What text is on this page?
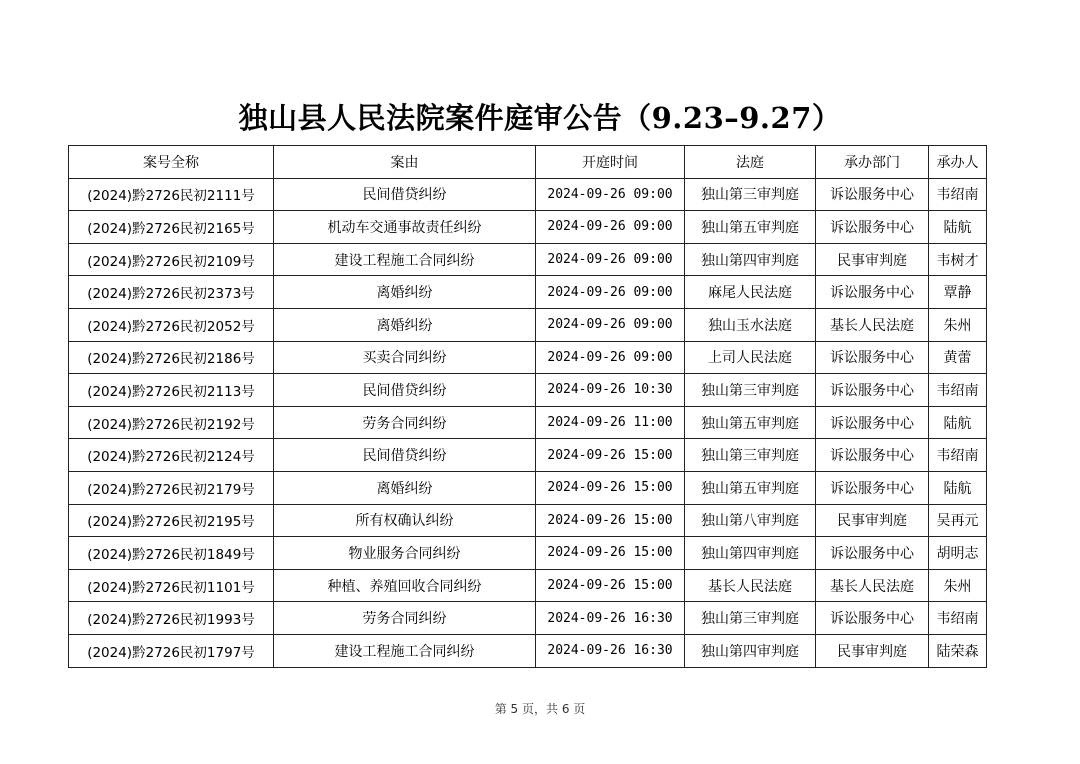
独山县人民法院案件庭审公告（9.23–9.27）
案号全称	案由	开庭时间	法庭	承办部门	承办人
(2024)黔2726民初2111号	民间借贷纠纷	2024-09-26 09:00	独山第三审判庭	诉讼服务中心	韦绍南
(2024)黔2726民初2165号	机动车交通事故责任纠纷	2024-09-26 09:00	独山第五审判庭	诉讼服务中心	陆航
(2024)黔2726民初2109号	建设工程施工合同纠纷	2024-09-26 09:00	独山第四审判庭	民事审判庭	韦树才
(2024)黔2726民初2373号	离婚纠纷	2024-09-26 09:00	麻尾人民法庭	诉讼服务中心	覃静
(2024)黔2726民初2052号	离婚纠纷	2024-09-26 09:00	独山玉水法庭	基长人民法庭	朱州
(2024)黔2726民初2186号	买卖合同纠纷	2024-09-26 09:00	上司人民法庭	诉讼服务中心	黄蕾
(2024)黔2726民初2113号	民间借贷纠纷	2024-09-26 10:30	独山第三审判庭	诉讼服务中心	韦绍南
(2024)黔2726民初2192号	劳务合同纠纷	2024-09-26 11:00	独山第五审判庭	诉讼服务中心	陆航
(2024)黔2726民初2124号	民间借贷纠纷	2024-09-26 15:00	独山第三审判庭	诉讼服务中心	韦绍南
(2024)黔2726民初2179号	离婚纠纷	2024-09-26 15:00	独山第五审判庭	诉讼服务中心	陆航
(2024)黔2726民初2195号	所有权确认纠纷	2024-09-26 15:00	独山第八审判庭	民事审判庭	吴再元
(2024)黔2726民初1849号	物业服务合同纠纷	2024-09-26 15:00	独山第四审判庭	诉讼服务中心	胡明志
(2024)黔2726民初1101号	种植、养殖回收合同纠纷	2024-09-26 15:00	基长人民法庭	基长人民法庭	朱州
(2024)黔2726民初1993号	劳务合同纠纷	2024-09-26 16:30	独山第三审判庭	诉讼服务中心	韦绍南
(2024)黔2726民初1797号	建设工程施工合同纠纷	2024-09-26 16:30	独山第四审判庭	民事审判庭	陆荣森
第 5 页，共 6 页
